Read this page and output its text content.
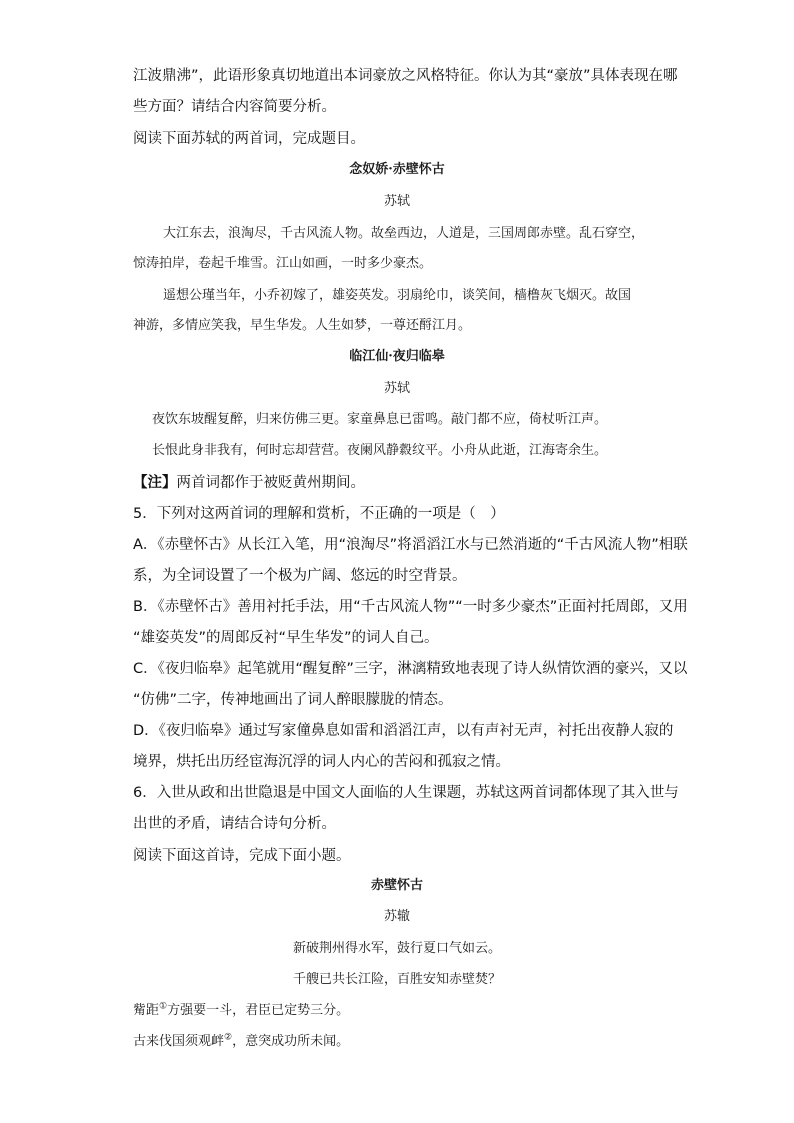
江波鼎沸”，此语形象真切地道出本词豪放之风格特征。你认为其“豪放”具体表现在哪
些方面？请结合内容简要分析。
阅读下面苏轼的两首词，完成题目。
念奴娇·赤壁怀古
苏轼
大江东去，浪淘尽，千古风流人物。故垒西边，人道是，三国周郎赤壁。乱石穿空，
惊涛拍岸，卷起千堆雪。江山如画，一时多少豪杰。
遥想公瑾当年，小乔初嫁了，雄姿英发。羽扇纶巾，谈笑间，樯橹灰飞烟灭。故国
神游，多情应笑我，早生华发。人生如梦，一尊还酹江月。
临江仙·夜归临皋
苏轼
夜饮东坡醒复醉，归来仿佛三更。家童鼻息已雷鸣。敲门都不应，倚杖听江声。
长恨此身非我有，何时忘却营营。夜阑风静縠纹平。小舟从此逝，江海寄余生。
【注】两首词都作于被贬黄州期间。
5．下列对这两首词的理解和赏析，不正确的一项是（　）
A．《赤壁怀古》从长江入笔，用“浪淘尽”将滔滔江水与已然消逝的“千古风流人物”相联
系，为全词设置了一个极为广阔、悠远的时空背景。
B．《赤壁怀古》善用衬托手法，用“千古风流人物”“一时多少豪杰”正面衬托周郎，又用
“雄姿英发”的周郎反衬“早生华发”的词人自己。
C．《夜归临皋》起笔就用“醒复醉”三字，淋漓精致地表现了诗人纵情饮酒的豪兴，又以
“仿佛”二字，传神地画出了词人醉眼朦胧的情态。
D．《夜归临皋》通过写家僮鼻息如雷和滔滔江声，以有声衬无声，衬托出夜静人寂的
境界，烘托出历经宦海沉浮的词人内心的苦闷和孤寂之情。
6．入世从政和出世隐退是中国文人面临的人生课题，苏轼这两首词都体现了其入世与
出世的矛盾，请结合诗句分析。
阅读下面这首诗，完成下面小题。
赤壁怀古
苏辙
新破荆州得水军，鼓行夏口气如云。
千艘已共长江险，百胜安知赤壁焚？
觜距①方强要一斗，君臣已定势三分。
古来伐国须观衅②，意突成功所未闻。
